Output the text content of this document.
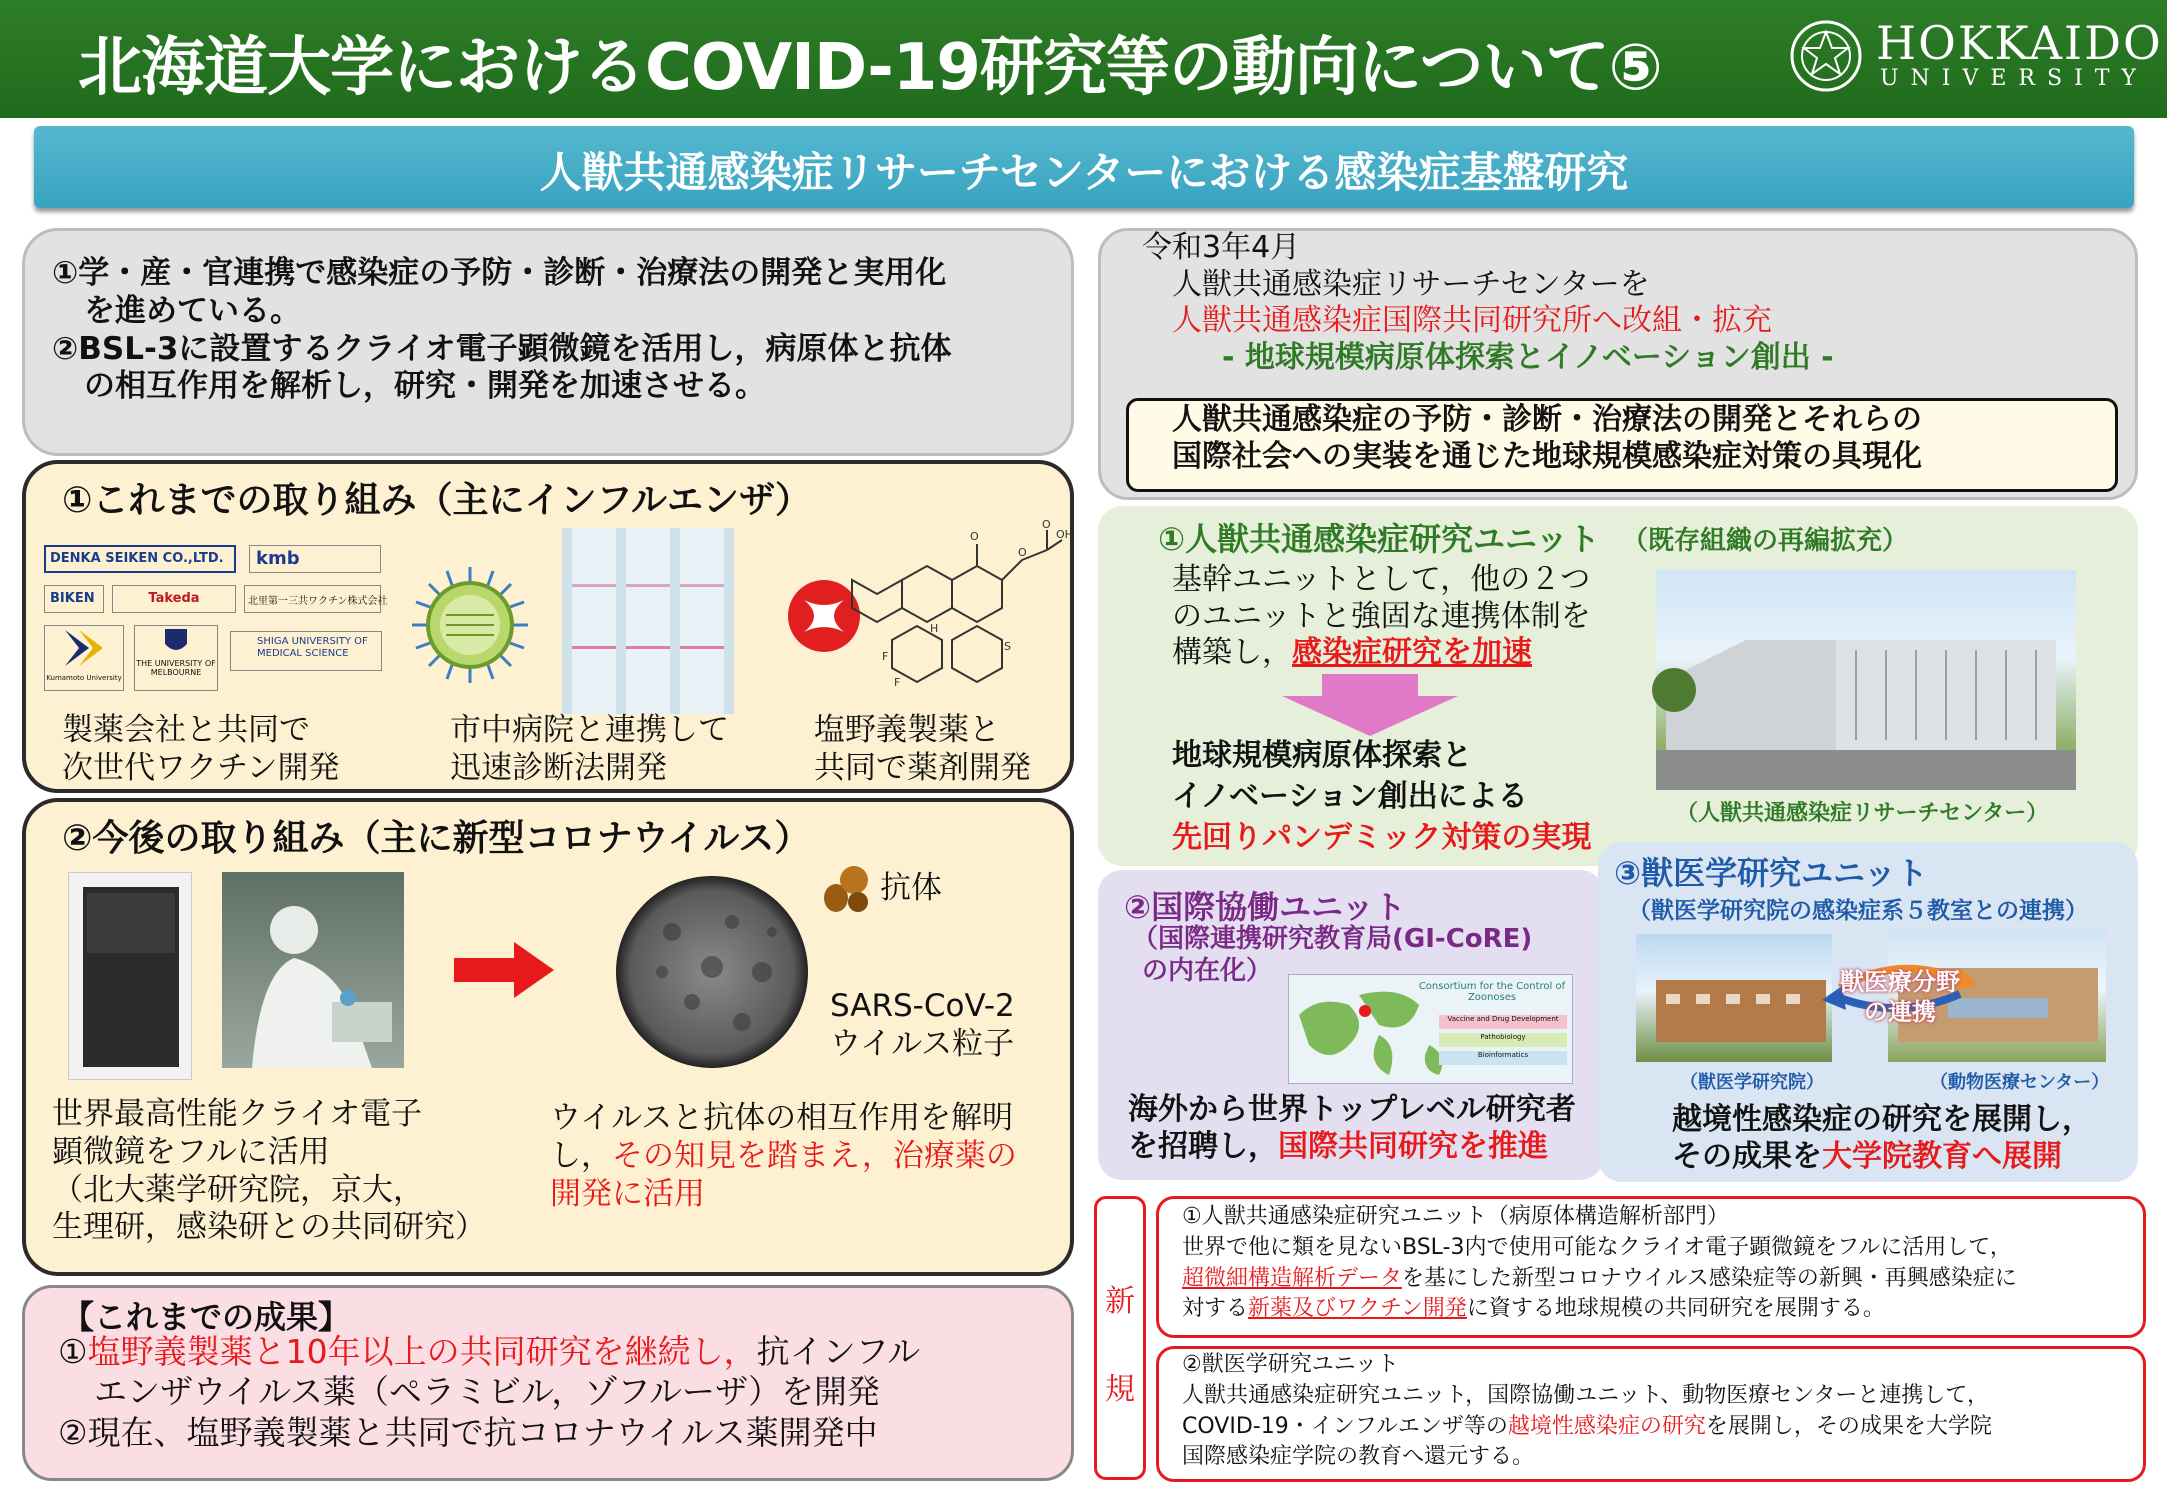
北海道大学におけるCOVID-19研究等の動向について⑤	HOKKAIDO
UNIVERSITY
人獣共通感染症リサーチセンターにおける感染症基盤研究
①学・産・官連携で感染症の予防・診断・治療法の開発と実用化
を進めている。
②BSL-3に設置するクライオ電子顕微鏡を活用し，病原体と抗体
の相互作用を解析し，研究・開発を加速させる。
①これまでの取り組み（主にインフルエンザ）
DENKA SEIKEN CO.,LTD.	kmb
BIKEN	Takeda	北里第一三共ワクチン株式会社
Kumamoto University
THE UNIVERSITY OF MELBOURNE
SHIGA UNIVERSITY OF MEDICAL SCIENCE
O
O
O
OH
F
F
S
H
製薬会社と共同で
次世代ワクチン開発
市中病院と連携して
迅速診断法開発
塩野義製薬と
共同で薬剤開発
②今後の取り組み（主に新型コロナウイルス）
抗体
SARS-CoV-2
ウイルス粒子
世界最高性能クライオ電子
顕微鏡をフルに活用
（北大薬学研究院，京大，
生理研，感染研との共同研究）
ウイルスと抗体の相互作用を解明
し，その知見を踏まえ，治療薬の
開発に活用
【これまでの成果】
①塩野義製薬と10年以上の共同研究を継続し，抗インフル
エンザウイルス薬（ペラミビル，ゾフルーザ）を開発
②現在、塩野義製薬と共同で抗コロナウイルス薬開発中
令和3年4月
人獣共通感染症リサーチセンターを
人獣共通感染症国際共同研究所へ改組・拡充
- 地球規模病原体探索とイノベーション創出 -
人獣共通感染症の予防・診断・治療法の開発とそれらの
国際社会への実装を通じた地球規模感染症対策の具現化
①人獣共通感染症研究ユニット （既存組織の再編拡充）
基幹ユニットとして，他の２つ
のユニットと強固な連携体制を
構築し，感染症研究を加速
地球規模病原体探索と
イノベーション創出による
先回りパンデミック対策の実現
（人獣共通感染症リサーチセンター）
②国際協働ユニット
（国際連携研究教育局(GI-CoRE)
の内在化）
Consortium for the Control of Zoonoses
Vaccine and Drug Development
Pathobiology
Bioinformatics
海外から世界トップレベル研究者
を招聘し，国際共同研究を推進
③獣医学研究ユニット
（獣医学研究院の感染症系５教室との連携）
獣医療分野
の連携
（獣医学研究院）	（動物医療センター）
越境性感染症の研究を展開し，
その成果を大学院教育へ展開
新
規
①人獣共通感染症研究ユニット（病原体構造解析部門）
世界で他に類を見ないBSL-3内で使用可能なクライオ電子顕微鏡をフルに活用して，
超微細構造解析データを基にした新型コロナウイルス感染症等の新興・再興感染症に
対する新薬及びワクチン開発に資する地球規模の共同研究を展開する。
②獣医学研究ユニット
人獣共通感染症研究ユニット，国際協働ユニット、動物医療センターと連携して，
COVID-19・インフルエンザ等の越境性感染症の研究を展開し，その成果を大学院
国際感染症学院の教育へ還元する。
